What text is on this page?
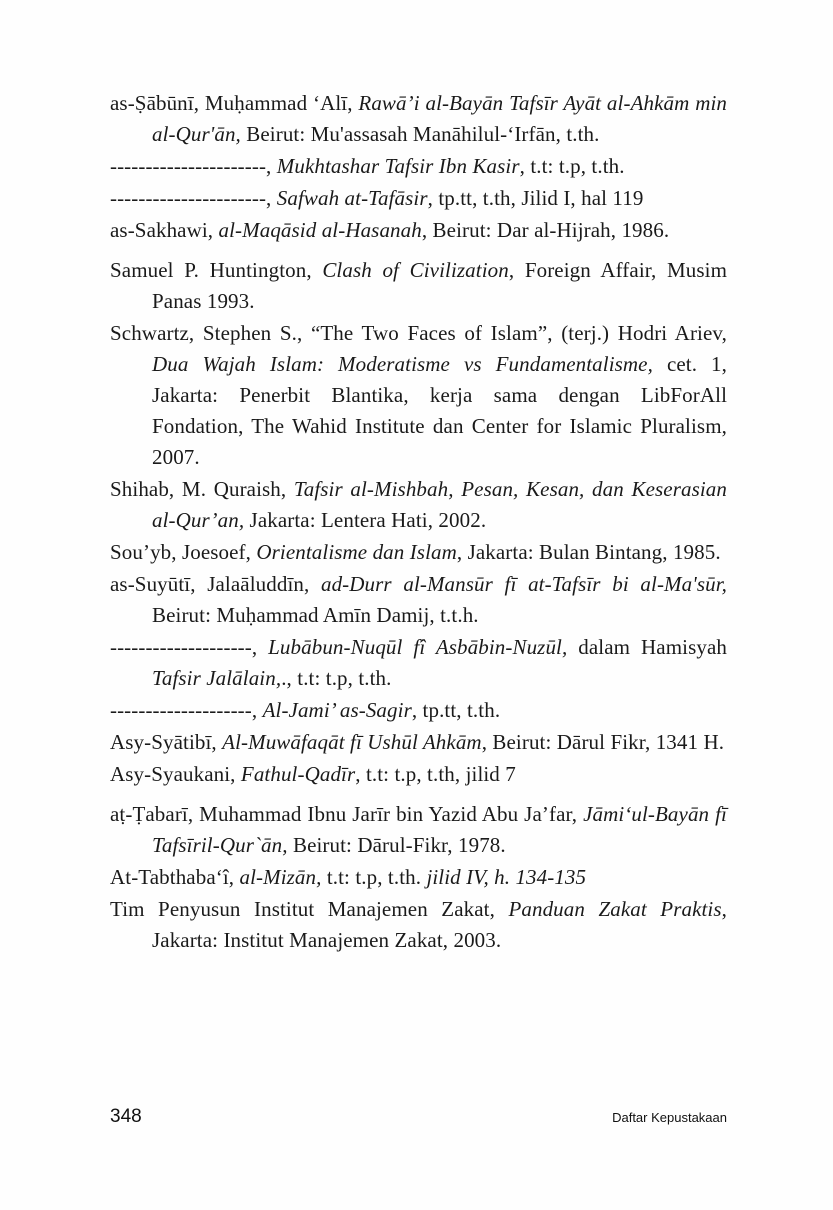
as-Ṣābūnī, Muḥammad ‘Alī, Rawā’i al-Bayān Tafsīr Ayāt al-Ahkām min al-Qur'ān, Beirut: Mu'assasah Manāhilul-‘Irfān, t.th.

----------------------, Mukhtashar Tafsir Ibn Kasir, t.t: t.p, t.th.

----------------------, Safwah at-Tafāsir, tp.tt, t.th, Jilid I, hal 119

as-Sakhawi, al-Maqāsid al-Hasanah, Beirut: Dar al-Hijrah, 1986.

Samuel P. Huntington, Clash of Civilization, Foreign Affair, Musim Panas 1993.

Schwartz, Stephen S., “The Two Faces of Islam”, (terj.) Hodri Ariev, Dua Wajah Islam: Moderatisme vs Fundamentalisme, cet. 1, Jakarta: Penerbit Blantika, kerja sama dengan LibForAll Fondation, The Wahid Institute dan Center for Islamic Pluralism, 2007.

Shihab, M. Quraish, Tafsir al-Mishbah, Pesan, Kesan, dan Keserasian al-Qur’an, Jakarta: Lentera Hati, 2002.

Sou’yb, Joesoef, Orientalisme dan Islam, Jakarta: Bulan Bintang, 1985.

as-Suyūtī, Jalaāluddīn, ad-Durr al-Mansūr fī at-Tafsīr bi al-Ma'sūr, Beirut: Muḥammad Amīn Damij, t.t.h.

--------------------, Lubābun-Nuqūl fî Asbābin-Nuzūl, dalam Hamisyah Tafsir Jalālain,., t.t: t.p, t.th.

--------------------, Al-Jami’ as-Sagir, tp.tt, t.th.

Asy-Syātibī, Al-Muwāfaqāt fī Ushūl Ahkām, Beirut: Dārul Fikr, 1341 H.

Asy-Syaukani, Fathul-Qadīr, t.t: t.p, t.th, jilid 7

aṭ-Ṭabarī, Muhammad Ibnu Jarīr bin Yazid Abu Ja’far, Jāmi‘ul-Bayān fī Tafsīril-Qur`ān, Beirut: Dārul-Fikr, 1978.

At-Tabthaba‘î, al-Mizān, t.t: t.p, t.th. jilid IV, h. 134-135

Tim Penyusun Institut Manajemen Zakat, Panduan Zakat Praktis, Jakarta: Institut Manajemen Zakat, 2003.

348	Daftar Kepustakaan
